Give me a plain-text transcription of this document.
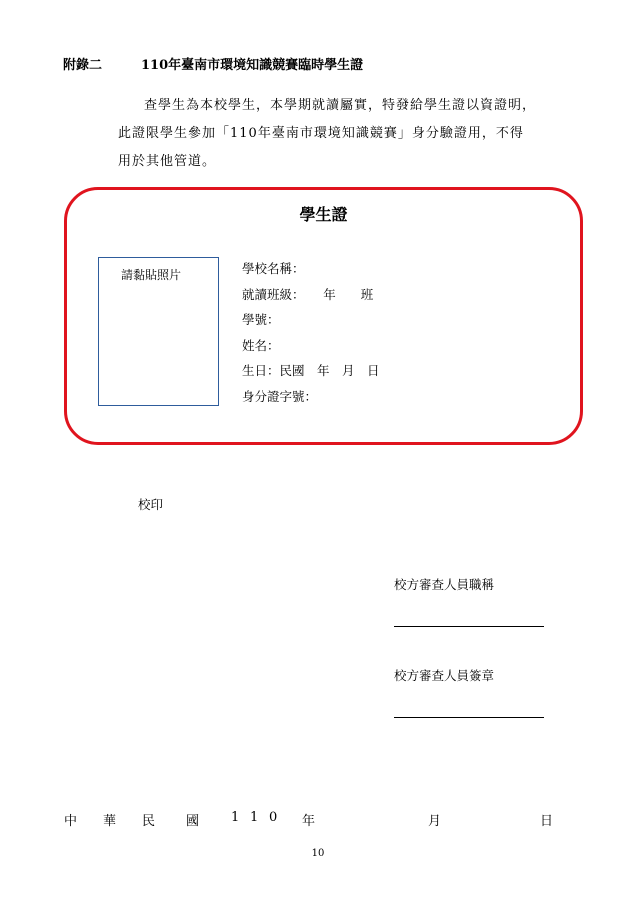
附錄二	110年臺南市環境知識競賽臨時學生證
查學生為本校學生，本學期就讀屬實，特發給學生證以資證明，
此證限學生參加「110年臺南市環境知識競賽」身分驗證用，不得
用於其他管道。
學生證
請黏貼照片	學校名稱：
就讀班級：　　年　　班
學號：
姓名：
生日：民國　年　月　日
身分證字號：
校印
校方審查人員職稱
校方審查人員簽章
中 華 民 國 1 1 0 年	月	日
10
